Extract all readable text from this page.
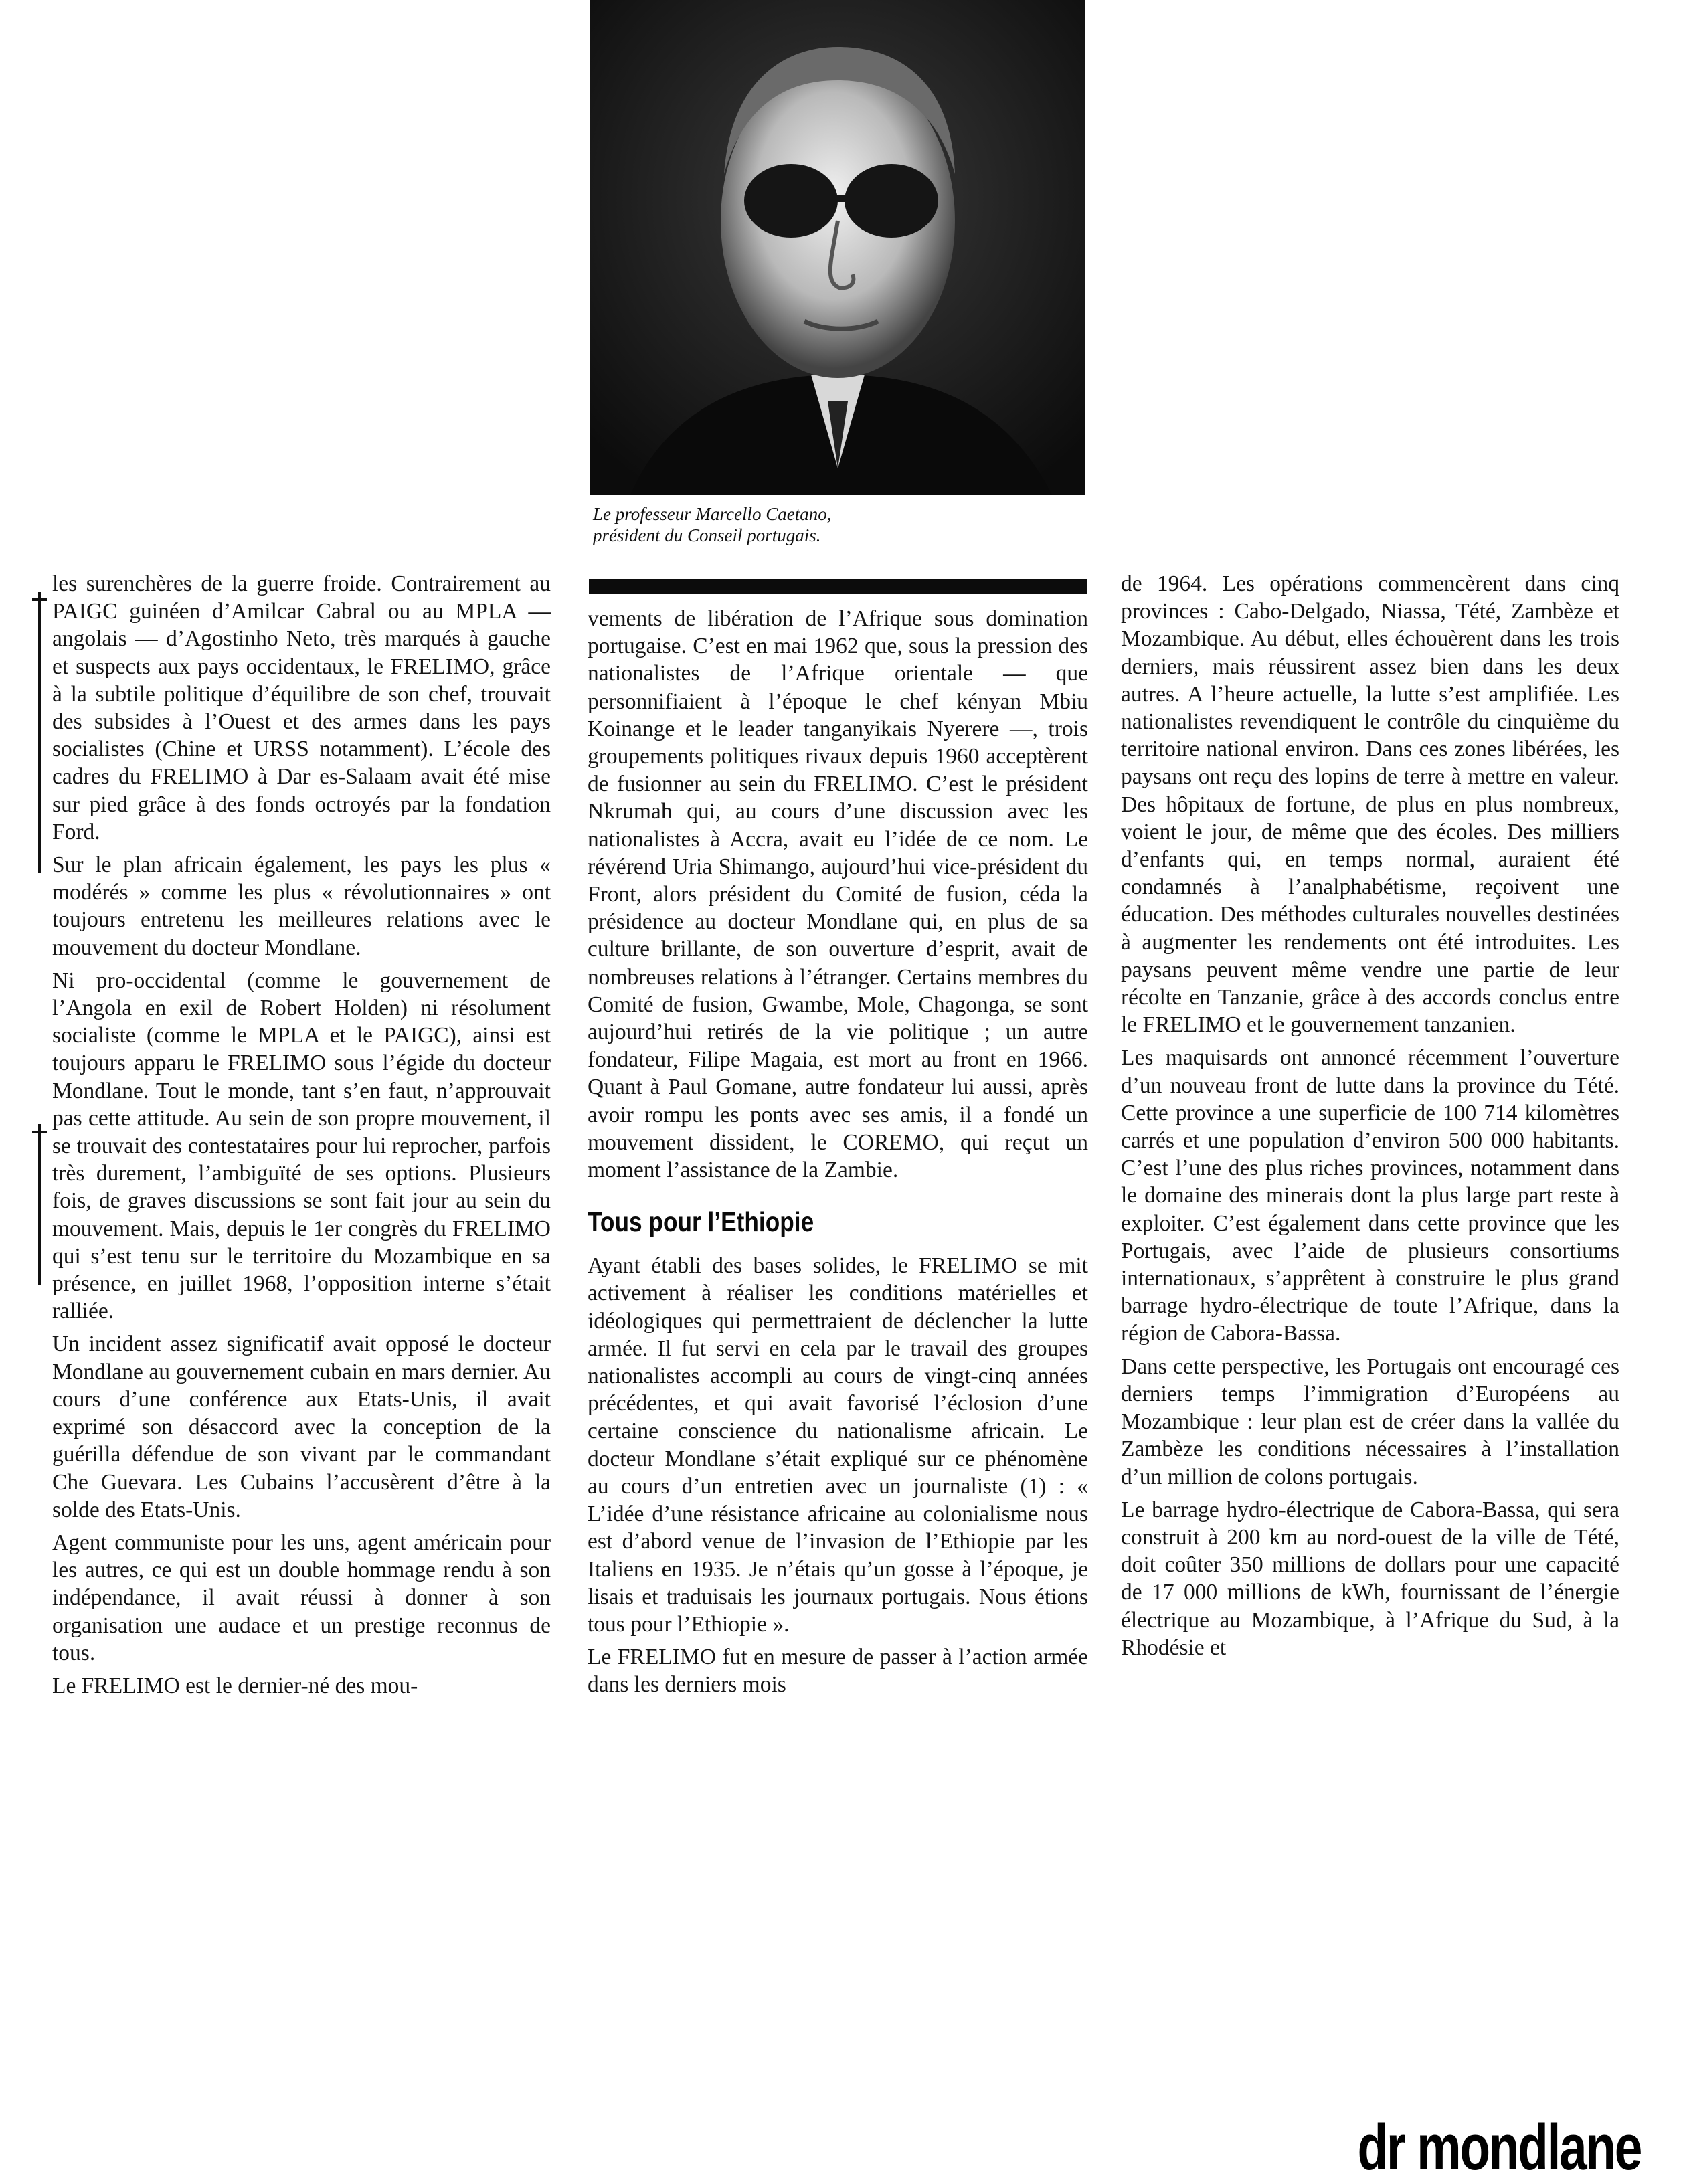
Le professeur Marcello Caetano,
président du Conseil portugais.

les surenchères de la guerre froide. Contrairement au PAIGC guinéen d’Amilcar Cabral ou au MPLA — angolais — d’Agostinho Neto, très marqués à gauche et suspects aux pays occidentaux, le FRELIMO, grâce à la subtile politique d’équilibre de son chef, trouvait des subsides à l’Ouest et des armes dans les pays socialistes (Chine et URSS notamment). L’école des cadres du FRELIMO à Dar es-Salaam avait été mise sur pied grâce à des fonds octroyés par la fondation Ford.

Sur le plan africain également, les pays les plus « modérés » comme les plus « révolutionnaires » ont toujours entretenu les meilleures relations avec le mouvement du docteur Mondlane.

Ni pro-occidental (comme le gouvernement de l’Angola en exil de Robert Holden) ni résolument socialiste (comme le MPLA et le PAIGC), ainsi est toujours apparu le FRELIMO sous l’égide du docteur Mondlane. Tout le monde, tant s’en faut, n’approuvait pas cette attitude. Au sein de son propre mouvement, il se trouvait des contestataires pour lui reprocher, parfois très durement, l’ambiguïté de ses options. Plusieurs fois, de graves discussions se sont fait jour au sein du mouvement. Mais, depuis le 1er congrès du FRELIMO qui s’est tenu sur le territoire du Mozambique en sa présence, en juillet 1968, l’opposition interne s’était ralliée.

Un incident assez significatif avait opposé le docteur Mondlane au gouvernement cubain en mars dernier. Au cours d’une conférence aux Etats-Unis, il avait exprimé son désaccord avec la conception de la guérilla défendue de son vivant par le commandant Che Guevara. Les Cubains l’accusèrent d’être à la solde des Etats-Unis.

Agent communiste pour les uns, agent américain pour les autres, ce qui est un double hommage rendu à son indépendance, il avait réussi à donner à son organisation une audace et un prestige reconnus de tous.

Le FRELIMO est le dernier-né des mou-

vements de libération de l’Afrique sous domination portugaise. C’est en mai 1962 que, sous la pression des nationalistes de l’Afrique orientale — que personnifiaient à l’époque le chef kényan Mbiu Koinange et le leader tanganyikais Nyerere —, trois groupements politiques rivaux depuis 1960 acceptèrent de fusionner au sein du FRELIMO. C’est le président Nkrumah qui, au cours d’une discussion avec les nationalistes à Accra, avait eu l’idée de ce nom. Le révérend Uria Shimango, aujourd’hui vice-président du Front, alors président du Comité de fusion, céda la présidence au docteur Mondlane qui, en plus de sa culture brillante, de son ouverture d’esprit, avait de nombreuses relations à l’étranger. Certains membres du Comité de fusion, Gwambe, Mole, Chagonga, se sont aujourd’hui retirés de la vie politique ; un autre fondateur, Filipe Magaia, est mort au front en 1966. Quant à Paul Gomane, autre fondateur lui aussi, après avoir rompu les ponts avec ses amis, il a fondé un mouvement dissident, le COREMO, qui reçut un moment l’assistance de la Zambie.

Tous pour l’Ethiopie

Ayant établi des bases solides, le FRELIMO se mit activement à réaliser les conditions matérielles et idéologiques qui permettraient de déclencher la lutte armée. Il fut servi en cela par le travail des groupes nationalistes accompli au cours de vingt-cinq années précédentes, et qui avait favorisé l’éclosion d’une certaine conscience du nationalisme africain. Le docteur Mondlane s’était expliqué sur ce phénomène au cours d’un entretien avec un journaliste (1) : « L’idée d’une résistance africaine au colonialisme nous est d’abord venue de l’invasion de l’Ethiopie par les Italiens en 1935. Je n’étais qu’un gosse à l’époque, je lisais et traduisais les journaux portugais. Nous étions tous pour l’Ethiopie ».

Le FRELIMO fut en mesure de passer à l’action armée dans les derniers mois

de 1964. Les opérations commencèrent dans cinq provinces : Cabo-Delgado, Niassa, Tété, Zambèze et Mozambique. Au début, elles échouèrent dans les trois derniers, mais réussirent assez bien dans les deux autres. A l’heure actuelle, la lutte s’est amplifiée. Les nationalistes revendiquent le contrôle du cinquième du territoire national environ. Dans ces zones libérées, les paysans ont reçu des lopins de terre à mettre en valeur. Des hôpitaux de fortune, de plus en plus nombreux, voient le jour, de même que des écoles. Des milliers d’enfants qui, en temps normal, auraient été condamnés à l’analphabétisme, reçoivent une éducation. Des méthodes culturales nouvelles destinées à augmenter les rendements ont été introduites. Les paysans peuvent même vendre une partie de leur récolte en Tanzanie, grâce à des accords conclus entre le FRELIMO et le gouvernement tanzanien.

Les maquisards ont annoncé récemment l’ouverture d’un nouveau front de lutte dans la province du Tété. Cette province a une superficie de 100 714 kilomètres carrés et une population d’environ 500 000 habitants. C’est l’une des plus riches provinces, notamment dans le domaine des minerais dont la plus large part reste à exploiter. C’est également dans cette province que les Portugais, avec l’aide de plusieurs consortiums internationaux, s’apprêtent à construire le plus grand barrage hydro-électrique de toute l’Afrique, dans la région de Cabora-Bassa.

Dans cette perspective, les Portugais ont encouragé ces derniers temps l’immigration d’Européens au Mozambique : leur plan est de créer dans la vallée du Zambèze les conditions nécessaires à l’installation d’un million de colons portugais.

Le barrage hydro-électrique de Cabora-Bassa, qui sera construit à 200 km au nord-ouest de la ville de Tété, doit coûter 350 millions de dollars pour une capacité de 17 000 millions de kWh, fournissant de l’énergie électrique au Mozambique, à l’Afrique du Sud, à la Rhodésie et

dr mondlane
